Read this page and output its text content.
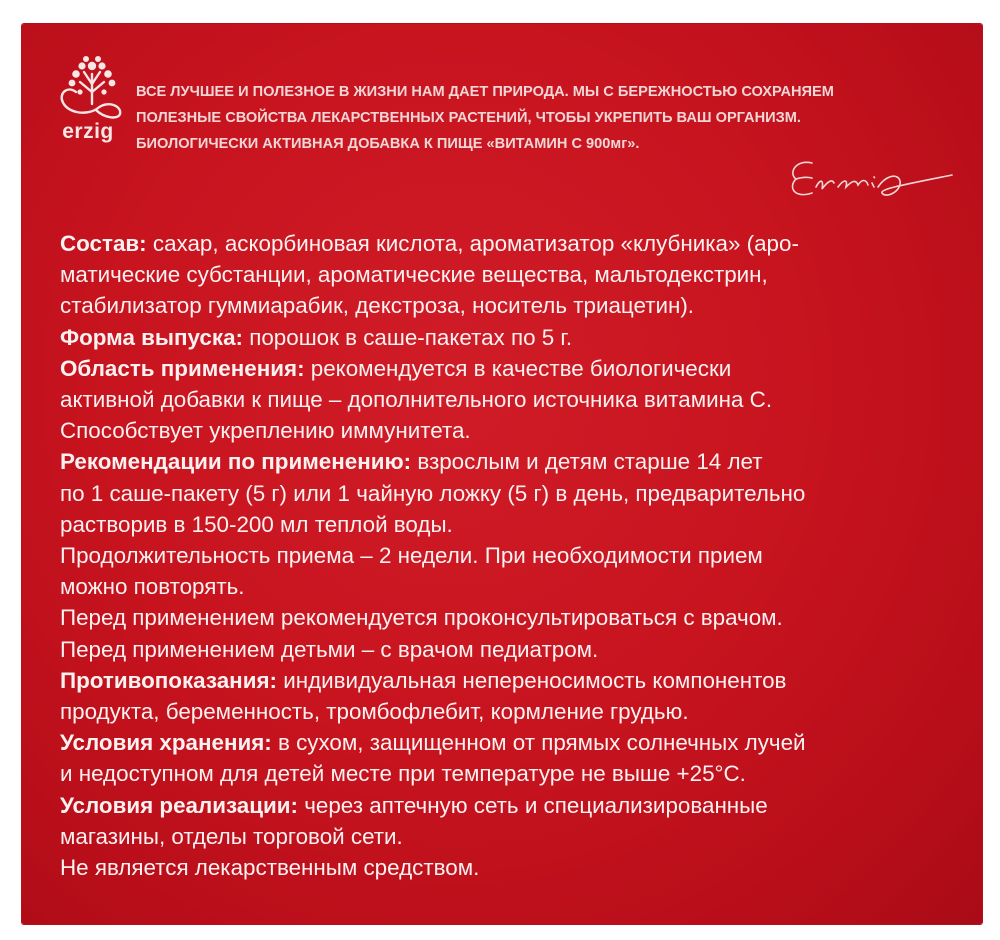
erzig
ВСЕ ЛУЧШЕЕ И ПОЛЕЗНОЕ В ЖИЗНИ НАМ ДАЕТ ПРИРОДА. МЫ С БЕРЕЖНОСТЬЮ СОХРАНЯЕМ
ПОЛЕЗНЫЕ СВОЙСТВА ЛЕКАРСТВЕННЫХ РАСТЕНИЙ, ЧТОБЫ УКРЕПИТЬ ВАШ ОРГАНИЗМ.
БИОЛОГИЧЕСКИ АКТИВНАЯ ДОБАВКА К ПИЩЕ «ВИТАМИН С 900мг».

Состав: сахар, аскорбиновая кислота, ароматизатор «клубника» (аро-

матические субстанции, ароматические вещества, мальтодекстрин,

стабилизатор гуммиарабик, декстроза, носитель триацетин).

Форма выпуска: порошок в саше-пакетах по 5 г.

Область применения: рекомендуется в качестве биологически

активной добавки к пище – дополнительного источника витамина С.

Способствует укреплению иммунитета.

Рекомендации по применению: взрослым и детям старше 14 лет

по 1 саше-пакету (5 г) или 1 чайную ложку (5 г) в день, предварительно

растворив в 150-200 мл теплой воды.

Продолжительность приема – 2 недели. При необходимости прием

можно повторять.

Перед применением рекомендуется проконсультироваться с врачом.

Перед применением детьми – с врачом педиатром.

Противопоказания: индивидуальная непереносимость компонентов

продукта, беременность, тромбофлебит, кормление грудью.

Условия хранения: в сухом, защищенном от прямых солнечных лучей

и недоступном для детей месте при температуре не выше +25°С.

Условия реализации: через аптечную сеть и специализированные

магазины, отделы торговой сети.

Не является лекарственным средством.
